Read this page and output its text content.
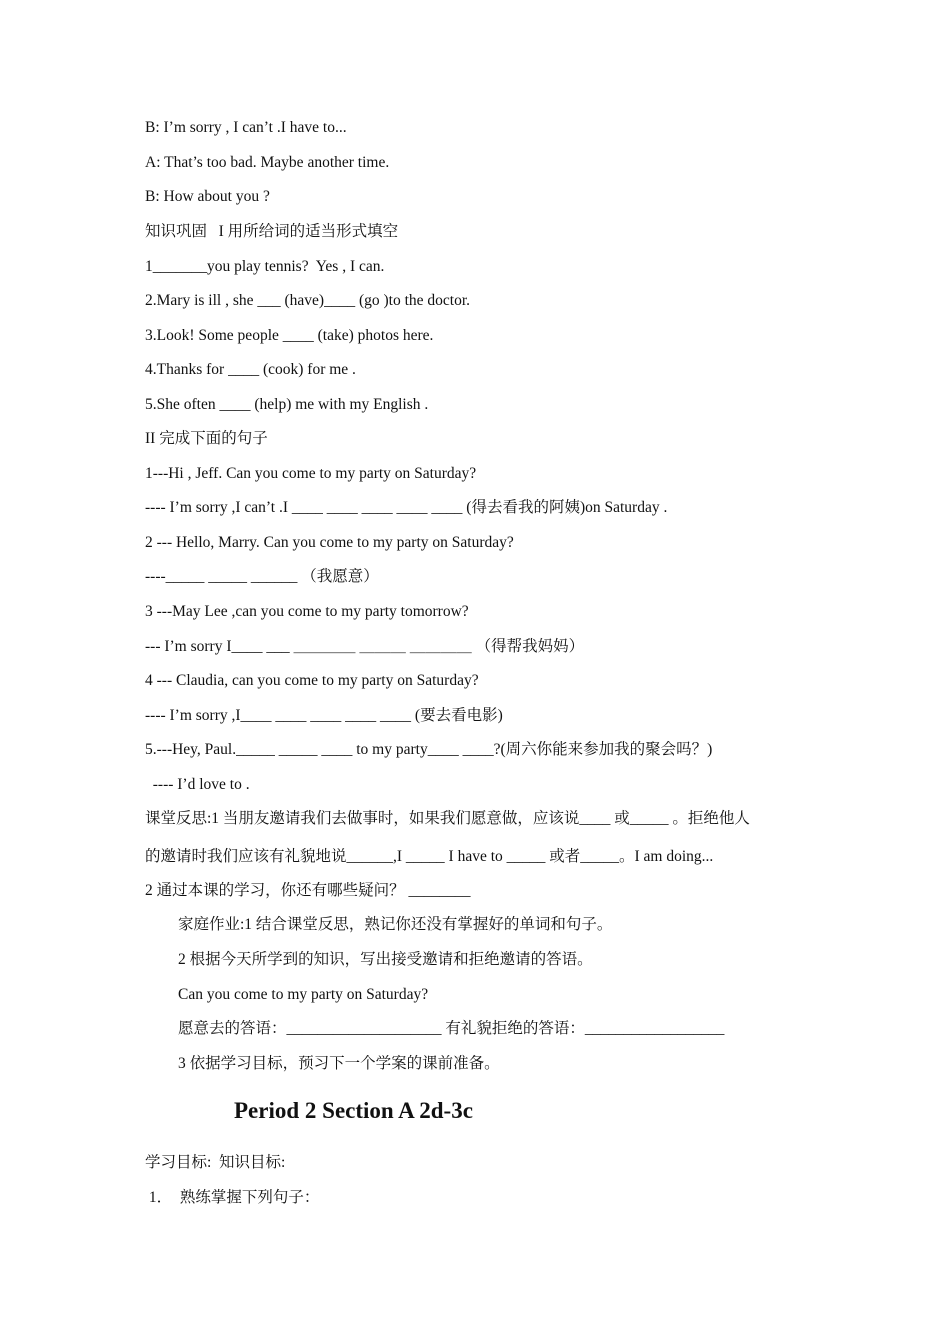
B: I’m sorry , I can’t .I have to...
A: That’s too bad. Maybe another time.
B: How about you ?
知识巩固   I 用所给词的适当形式填空
1_______you play tennis?  Yes , I can.
2.Mary is ill , she ___ (have)____ (go )to the doctor.
3.Look! Some people ____ (take) photos here.
4.Thanks for ____ (cook) for me .
5.She often ____ (help) me with my English .
II 完成下面的句子
1---Hi , Jeff. Can you come to my party on Saturday?
---- I’m sorry ,I can’t .I ____ ____ ____ ____ ____ (得去看我的阿姨)on Saturday .
2 --- Hello, Marry. Can you come to my party on Saturday?
----_____ _____ ______ （我愿意）
3 ---May Lee ,can you come to my party tomorrow?
--- I’m sorry I____ ___ ＿＿＿＿ ＿＿＿ ＿＿＿＿ （得帮我妈妈）
4 --- Claudia, can you come to my party on Saturday?
---- I’m sorry ,I____ ____ ____ ____ ____ (要去看电影)
5.---Hey, Paul._____ _____ ____ to my party____ ____?(周六你能来参加我的聚会吗？)
---- I’d love to .
课堂反思:1 当朋友邀请我们去做事时，如果我们愿意做，应该说____ 或_____ 。拒绝他人
的邀请时我们应该有礼貌地说______,I _____ I have to _____ 或者_____。I am doing...
2 通过本课的学习，你还有哪些疑问？ ________
家庭作业:1 结合课堂反思，熟记你还没有掌握好的单词和句子。
2 根据今天所学到的知识，写出接受邀请和拒绝邀请的答语。
Can you come to my party on Saturday?
愿意去的答语：____________________ 有礼貌拒绝的答语：__________________
3 依据学习目标，预习下一个学案的课前准备。
Period 2 Section A 2d-3c
学习目标:  知识目标:
1．  熟练掌握下列句子：
